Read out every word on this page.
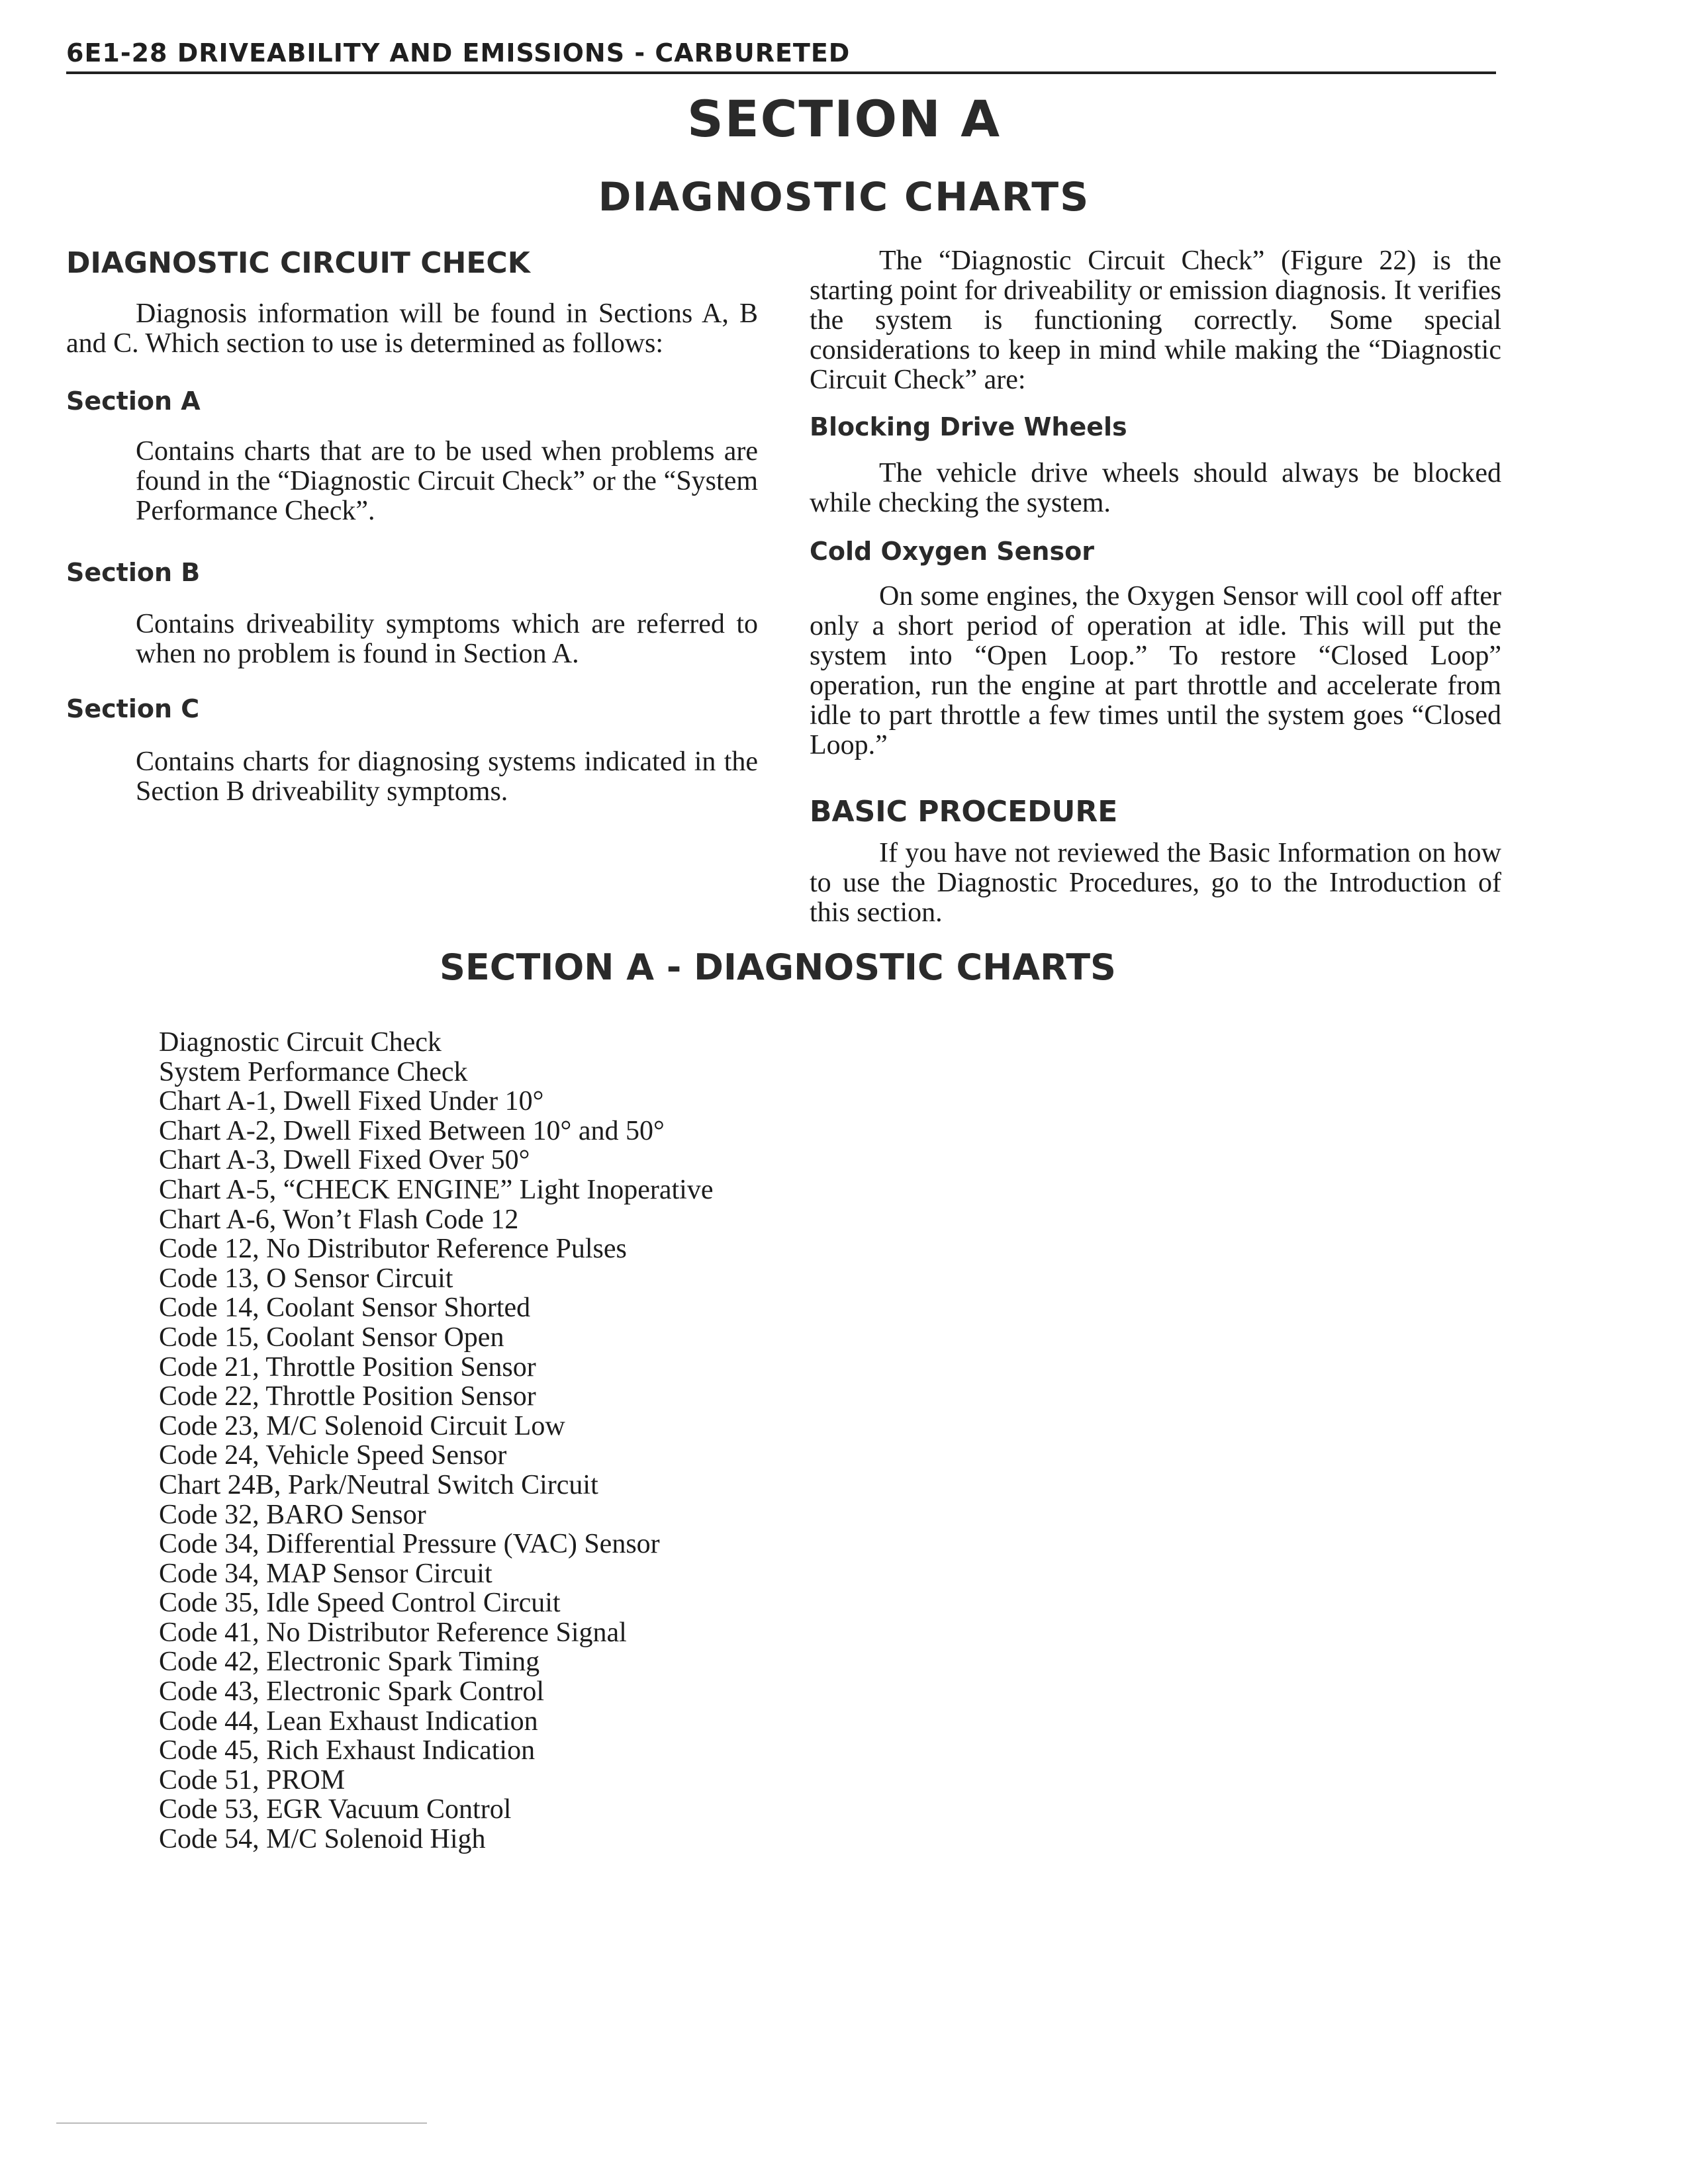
6E1-28 DRIVEABILITY AND EMISSIONS - CARBURETED
SECTION A
DIAGNOSTIC CHARTS
DIAGNOSTIC CIRCUIT CHECK

Diagnosis information will be found in Sections A, B and C. Which section to use is determined as follows:

Section A

Contains charts that are to be used when problems are found in the “Diagnostic Circuit Check” or the “System Performance Check”.

Section B

Contains driveability symptoms which are referred to when no problem is found in Section A.

Section C

Contains charts for diagnosing systems indicated in the Section B driveability symptoms.

The “Diagnostic Circuit Check” (Figure 22) is the starting point for driveability or emission diagnosis. It verifies the system is functioning correctly. Some special considerations to keep in mind while making the “Diagnostic Circuit Check” are:

Blocking Drive Wheels

The vehicle drive wheels should always be blocked while checking the system.

Cold Oxygen Sensor

On some engines, the Oxygen Sensor will cool off after only a short period of operation at idle. This will put the system into “Open Loop.” To restore “Closed Loop” operation, run the engine at part throttle and accelerate from idle to part throttle a few times until the system goes “Closed Loop.”

BASIC PROCEDURE

If you have not reviewed the Basic Information on how to use the Diagnostic Procedures, go to the Introduction of this section.

SECTION A - DIAGNOSTIC CHARTS
Diagnostic Circuit Check
System Performance Check
Chart A-1, Dwell Fixed Under 10°
Chart A-2, Dwell Fixed Between 10° and 50°
Chart A-3, Dwell Fixed Over 50°
Chart A-5, “CHECK ENGINE” Light Inoperative
Chart A-6, Won’t Flash Code 12
Code 12, No Distributor Reference Pulses
Code 13, O Sensor Circuit
Code 14, Coolant Sensor Shorted
Code 15, Coolant Sensor Open
Code 21, Throttle Position Sensor
Code 22, Throttle Position Sensor
Code 23, M/C Solenoid Circuit Low
Code 24, Vehicle Speed Sensor
Chart 24B, Park/Neutral Switch Circuit
Code 32, BARO Sensor
Code 34, Differential Pressure (VAC) Sensor
Code 34, MAP Sensor Circuit
Code 35, Idle Speed Control Circuit
Code 41, No Distributor Reference Signal
Code 42, Electronic Spark Timing
Code 43, Electronic Spark Control
Code 44, Lean Exhaust Indication
Code 45, Rich Exhaust Indication
Code 51, PROM
Code 53, EGR Vacuum Control
Code 54, M/C Solenoid High
